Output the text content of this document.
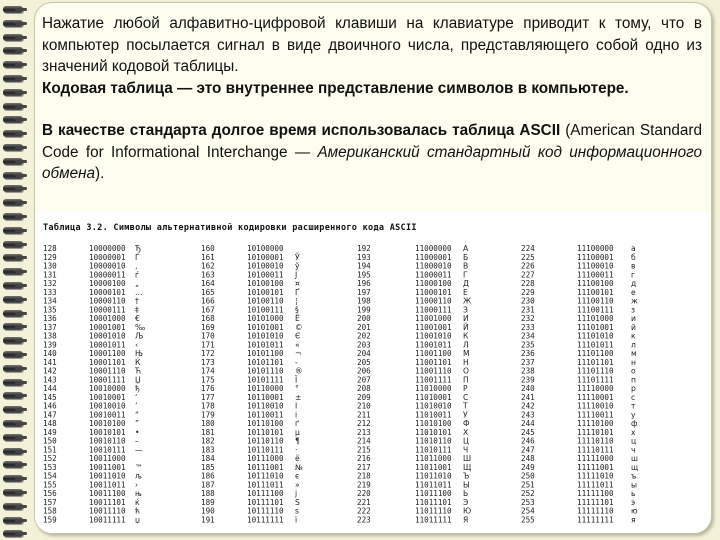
Нажатие любой алфавитно-цифровой клавиши на клавиатуре приводит к тому, что в компьютер посылается сигнал в виде двоичного числа, представляющего собой одно из значений кодовой таблицы.

Кодовая таблица — это внутреннее представление символов в компьютере.

В качестве стандарта долгое время использовалась таблица ASCII (American Standard Code for Informational Interchange — Американский стандартный код информационного обмена).

Таблица 3.2. Символы альтернативной кодировки расширенного кода ASCII
128	10000000 Ђ
129	10000001 Ѓ
130	10000010 ‚
131	10000011 ѓ
132	10000100 „
133	10000101 …
134	10000110 †
135	10000111 ‡
136	10001000 €
137	10001001 ‰
138	10001010 Љ
139	10001011 ‹
140	10001100 Њ
141	10001101 Ќ
142	10001110 Ћ
143	10001111 Џ
144	10010000 ђ
145	10010001 ‘
146	10010010 ’
147	10010011 “
148	10010100 ”
149	10010101 •
150	10010110 –
151	10010111 —
152	10011000
153	10011001 ™
154	10011010 љ
155	10011011 ›
156	10011100 њ
157	10011101 ќ
158	10011110 ћ
159	10011111 џ
160	10100000
161	10100001 Ў
162	10100010 ў
163	10100011 Ј
164	10100100 ¤
165	10100101 Ґ
166	10100110 ¦
167	10100111 §
168	10101000 Ё
169	10101001 ©
170	10101010 Є
171	10101011 «
172	10101100 ¬
173	10101101 -
174	10101110 ®
175	10101111 Ї
176	10110000 °
177	10110001 ±
178	10110010 І
179	10110011 і
180	10110100 ґ
181	10110101 µ
182	10110110 ¶
183	10110111 ·
184	10111000 ё
185	10111001 №
186	10111010 є
187	10111011 »
188	10111100 ј
189	10111101 Ѕ
190	10111110 ѕ
191	10111111 ї
192	11000000 А
193	11000001 Б
194	11000010 В
195	11000011 Г
196	11000100 Д
197	11000101 Е
198	11000110 Ж
199	11000111 З
200	11001000 И
201	11001001 Й
202	11001010 К
203	11001011 Л
204	11001100 М
205	11001101 Н
206	11001110 О
207	11001111 П
208	11010000 Р
209	11010001 С
210	11010010 Т
211	11010011 У
212	11010100 Ф
213	11010101 Х
214	11010110 Ц
215	11010111 Ч
216	11011000 Ш
217	11011001 Щ
218	11011010 Ъ
219	11011011 Ы
220	11011100 Ь
221	11011101 Э
222	11011110 Ю
223	11011111 Я
224	11100000 а
225	11100001 б
226	11100010 в
227	11100011 г
228	11100100 д
229	11100101 е
230	11100110 ж
231	11100111 з
232	11101000 и
233	11101001 й
234	11101010 к
235	11101011 л
236	11101100 м
237	11101101 н
238	11101110 о
239	11101111 п
240	11110000 р
241	11110001 с
242	11110010 т
243	11110011 у
244	11110100 ф
245	11110101 х
246	11110110 ц
247	11110111 ч
248	11111000 ш
249	11111001 щ
250	11111010 ъ
251	11111011 ы
252	11111100 ь
253	11111101 э
254	11111110 ю
255	11111111 я
